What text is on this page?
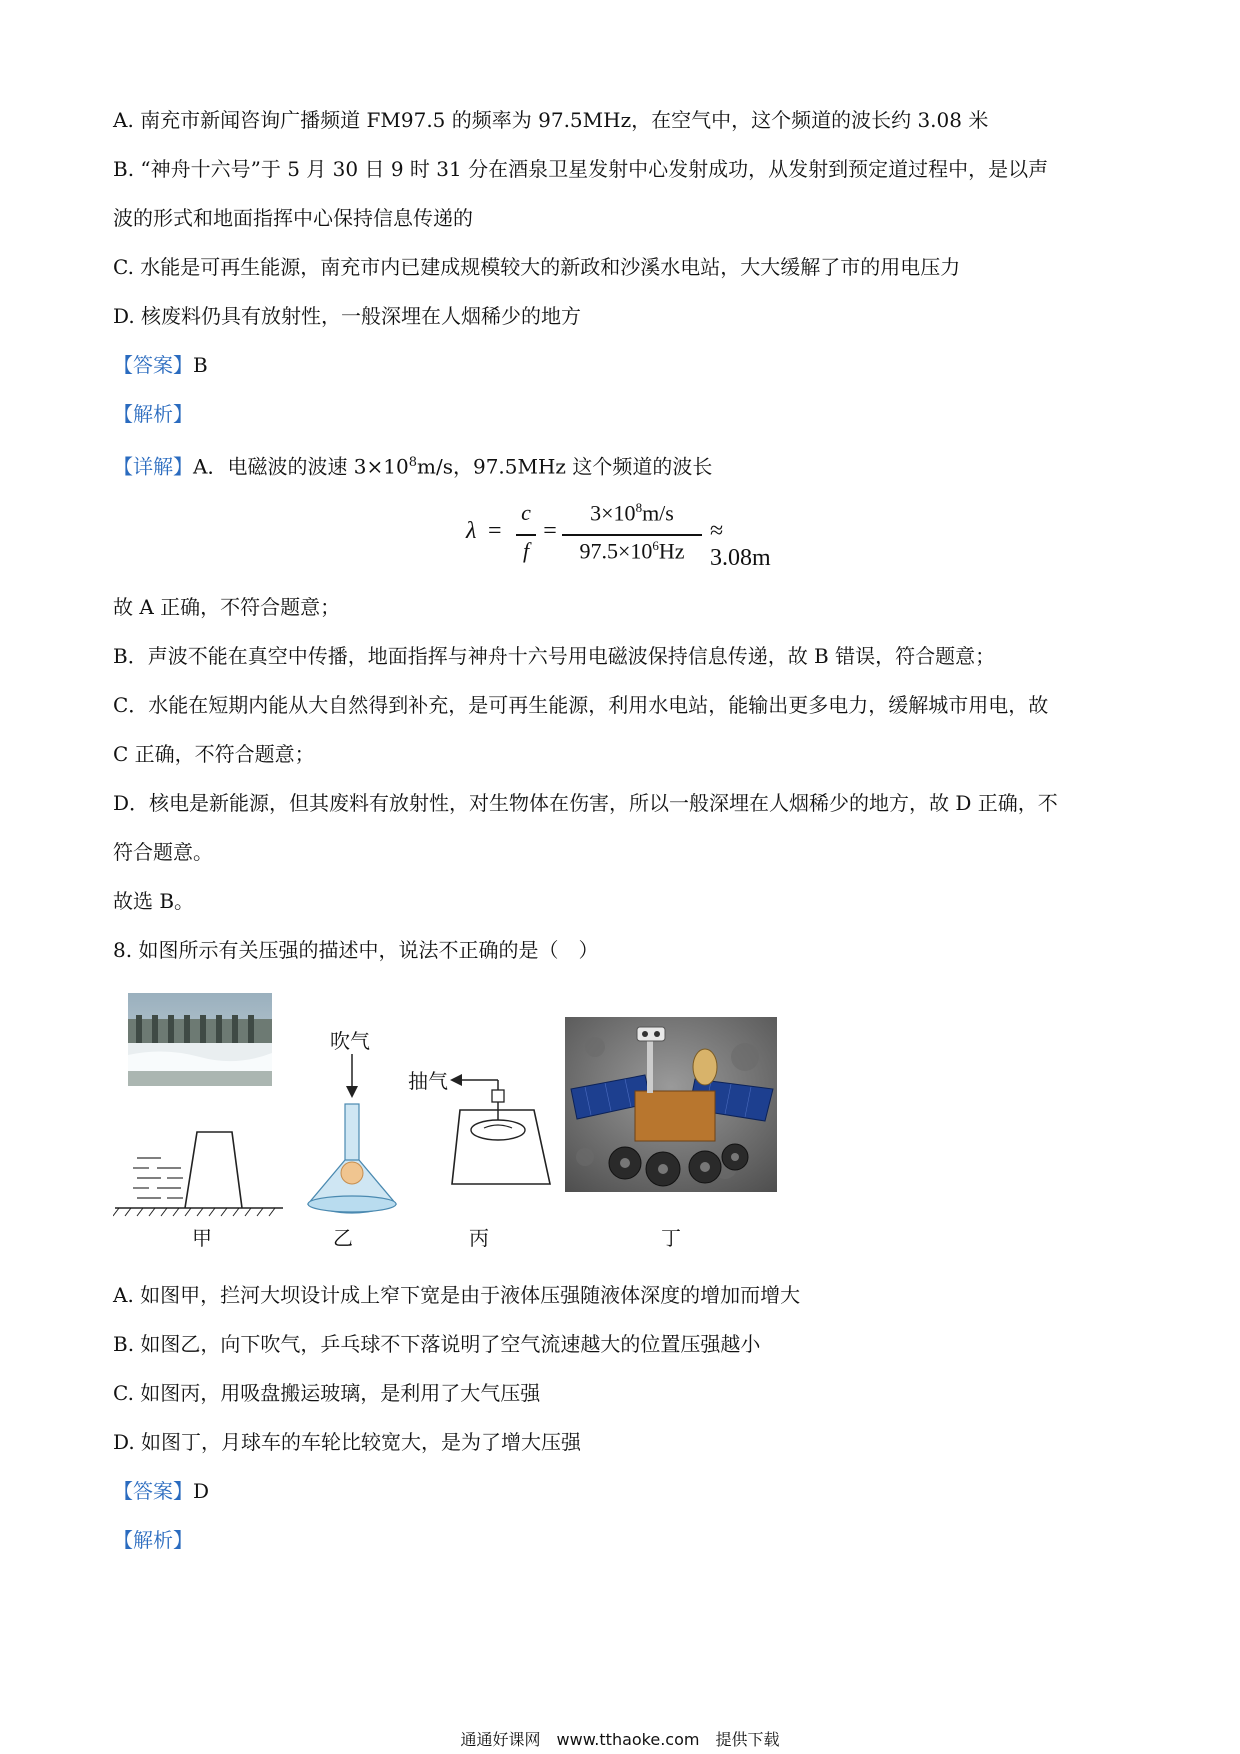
A. 南充市新闻咨询广播频道 FM97.5 的频率为 97.5MHz，在空气中，这个频道的波长约 3.08 米
B. “神舟十六号”于 5 月 30 日 9 时 31 分在酒泉卫星发射中心发射成功，从发射到预定道过程中，是以声
波的形式和地面指挥中心保持信息传递的
C. 水能是可再生能源，南充市内已建成规模较大的新政和沙溪水电站，大大缓解了市的用电压力
D. 核废料仍具有放射性，一般深埋在人烟稀少的地方
【答案】B
【解析】
【详解】A．电磁波的波速 $3\times 10^8m/s$，97.5MHz 这个频道的波长
λ =
c
f
=
$3\times 10^8m/s$
$97.5\times 10^6Hz$
≈ 3.08m
故 A 正确，不符合题意；
B．声波不能在真空中传播，地面指挥与神舟十六号用电磁波保持信息传递，故 B 错误，符合题意；
C．水能在短期内能从大自然得到补充，是可再生能源，利用水电站，能输出更多电力，缓解城市用电，故
C 正确，不符合题意；
D．核电是新能源，但其废料有放射性，对生物体在伤害，所以一般深埋在人烟稀少的地方，故 D 正确，不
符合题意。
故选 B。
8. 如图所示有关压强的描述中，说法不正确的是（　）
吹气
抽气
甲	乙	丙	丁
A. 如图甲，拦河大坝设计成上窄下宽是由于液体压强随液体深度的增加而增大
B. 如图乙，向下吹气，乒乓球不下落说明了空气流速越大的位置压强越小
C. 如图丙，用吸盘搬运玻璃，是利用了大气压强
D. 如图丁，月球车的车轮比较宽大，是为了增大压强
【答案】D
【解析】
通通好课网　www.tthaoke.com　提供下载
